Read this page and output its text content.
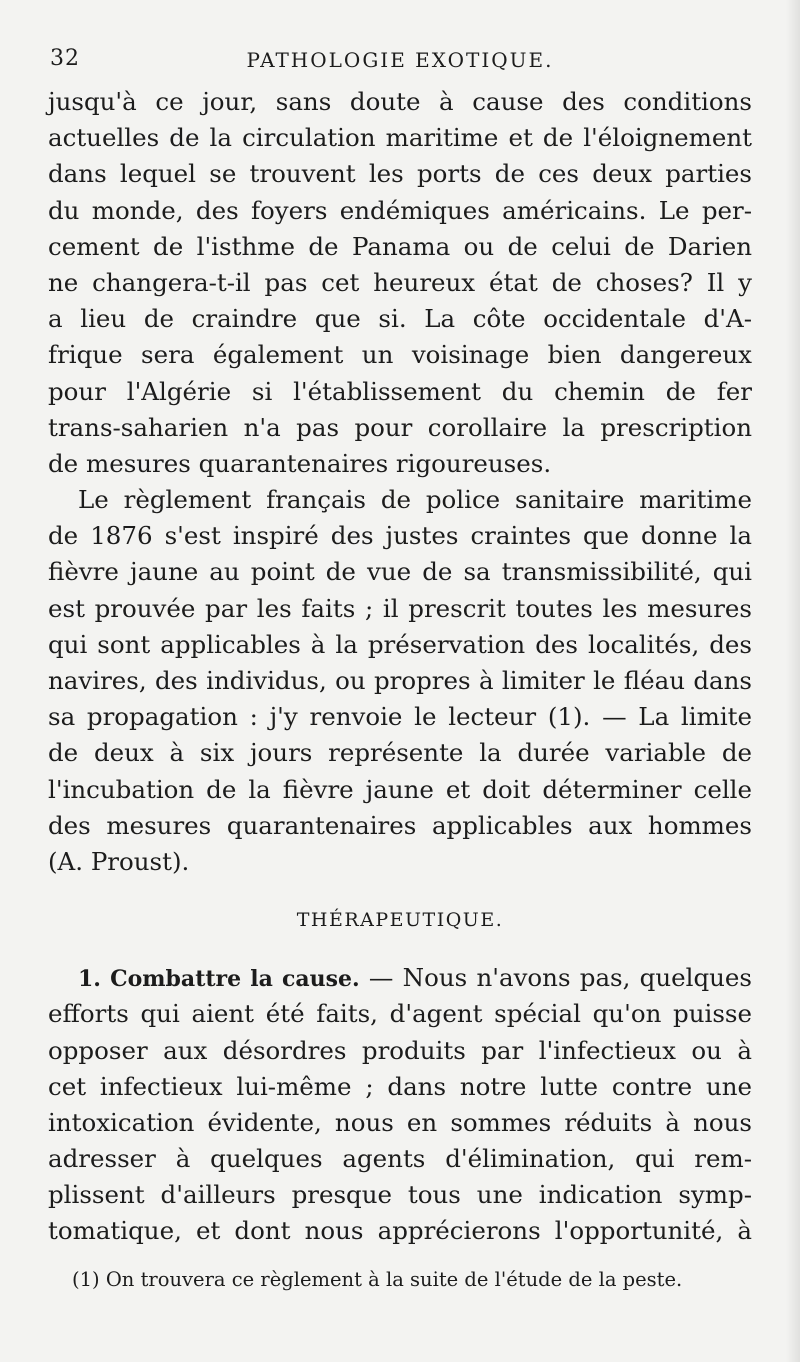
32	PATHOLOGIE EXOTIQUE.
jusqu'à ce jour, sans doute à cause des conditions
actuelles de la circulation maritime et de l'éloignement
dans lequel se trouvent les ports de ces deux parties
du monde, des foyers endémiques américains. Le per-
cement de l'isthme de Panama ou de celui de Darien
ne changera-t-il pas cet heureux état de choses? Il y
a lieu de craindre que si. La côte occidentale d'A-
frique sera également un voisinage bien dangereux
pour l'Algérie si l'établissement du chemin de fer
trans-saharien n'a pas pour corollaire la prescription
de mesures quarantenaires rigoureuses.
Le règlement français de police sanitaire maritime
de 1876 s'est inspiré des justes craintes que donne la
fièvre jaune au point de vue de sa transmissibilité, qui
est prouvée par les faits ; il prescrit toutes les mesures
qui sont applicables à la préservation des localités, des
navires, des individus, ou propres à limiter le fléau dans
sa propagation : j'y renvoie le lecteur (1). — La limite
de deux à six jours représente la durée variable de
l'incubation de la fièvre jaune et doit déterminer celle
des mesures quarantenaires applicables aux hommes
(A. Proust).
THÉRAPEUTIQUE.
1. Combattre la cause. — Nous n'avons pas, quelques
efforts qui aient été faits, d'agent spécial qu'on puisse
opposer aux désordres produits par l'infectieux ou à
cet infectieux lui-même ; dans notre lutte contre une
intoxication évidente, nous en sommes réduits à nous
adresser à quelques agents d'élimination, qui rem-
plissent d'ailleurs presque tous une indication symp-
tomatique, et dont nous apprécierons l'opportunité, à
(1) On trouvera ce règlement à la suite de l'étude de la peste.
